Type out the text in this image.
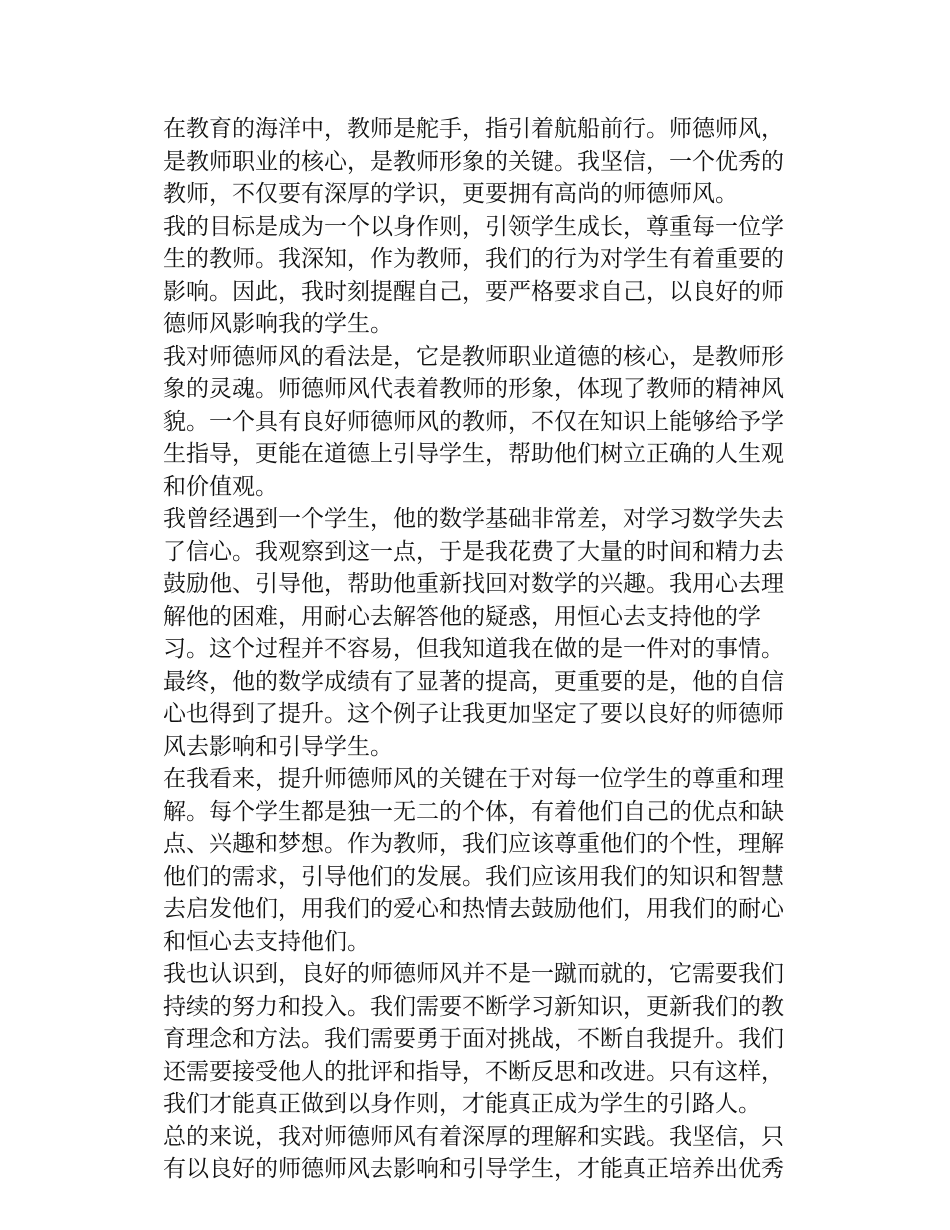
在教育的海洋中，教师是舵手，指引着航船前行。师德师风，
是教师职业的核心，是教师形象的关键。我坚信，一个优秀的
教师，不仅要有深厚的学识，更要拥有高尚的师德师风。
我的目标是成为一个以身作则，引领学生成长，尊重每一位学
生的教师。我深知，作为教师，我们的行为对学生有着重要的
影响。因此，我时刻提醒自己，要严格要求自己，以良好的师
德师风影响我的学生。
我对师德师风的看法是，它是教师职业道德的核心，是教师形
象的灵魂。师德师风代表着教师的形象，体现了教师的精神风
貌。一个具有良好师德师风的教师，不仅在知识上能够给予学
生指导，更能在道德上引导学生，帮助他们树立正确的人生观
和价值观。
我曾经遇到一个学生，他的数学基础非常差，对学习数学失去
了信心。我观察到这一点，于是我花费了大量的时间和精力去
鼓励他、引导他，帮助他重新找回对数学的兴趣。我用心去理
解他的困难，用耐心去解答他的疑惑，用恒心去支持他的学
习。这个过程并不容易，但我知道我在做的是一件对的事情。
最终，他的数学成绩有了显著的提高，更重要的是，他的自信
心也得到了提升。这个例子让我更加坚定了要以良好的师德师
风去影响和引导学生。
在我看来，提升师德师风的关键在于对每一位学生的尊重和理
解。每个学生都是独一无二的个体，有着他们自己的优点和缺
点、兴趣和梦想。作为教师，我们应该尊重他们的个性，理解
他们的需求，引导他们的发展。我们应该用我们的知识和智慧
去启发他们，用我们的爱心和热情去鼓励他们，用我们的耐心
和恒心去支持他们。
我也认识到，良好的师德师风并不是一蹴而就的，它需要我们
持续的努力和投入。我们需要不断学习新知识，更新我们的教
育理念和方法。我们需要勇于面对挑战，不断自我提升。我们
还需要接受他人的批评和指导，不断反思和改进。只有这样，
我们才能真正做到以身作则，才能真正成为学生的引路人。
总的来说，我对师德师风有着深厚的理解和实践。我坚信，只
有以良好的师德师风去影响和引导学生，才能真正培养出优秀
